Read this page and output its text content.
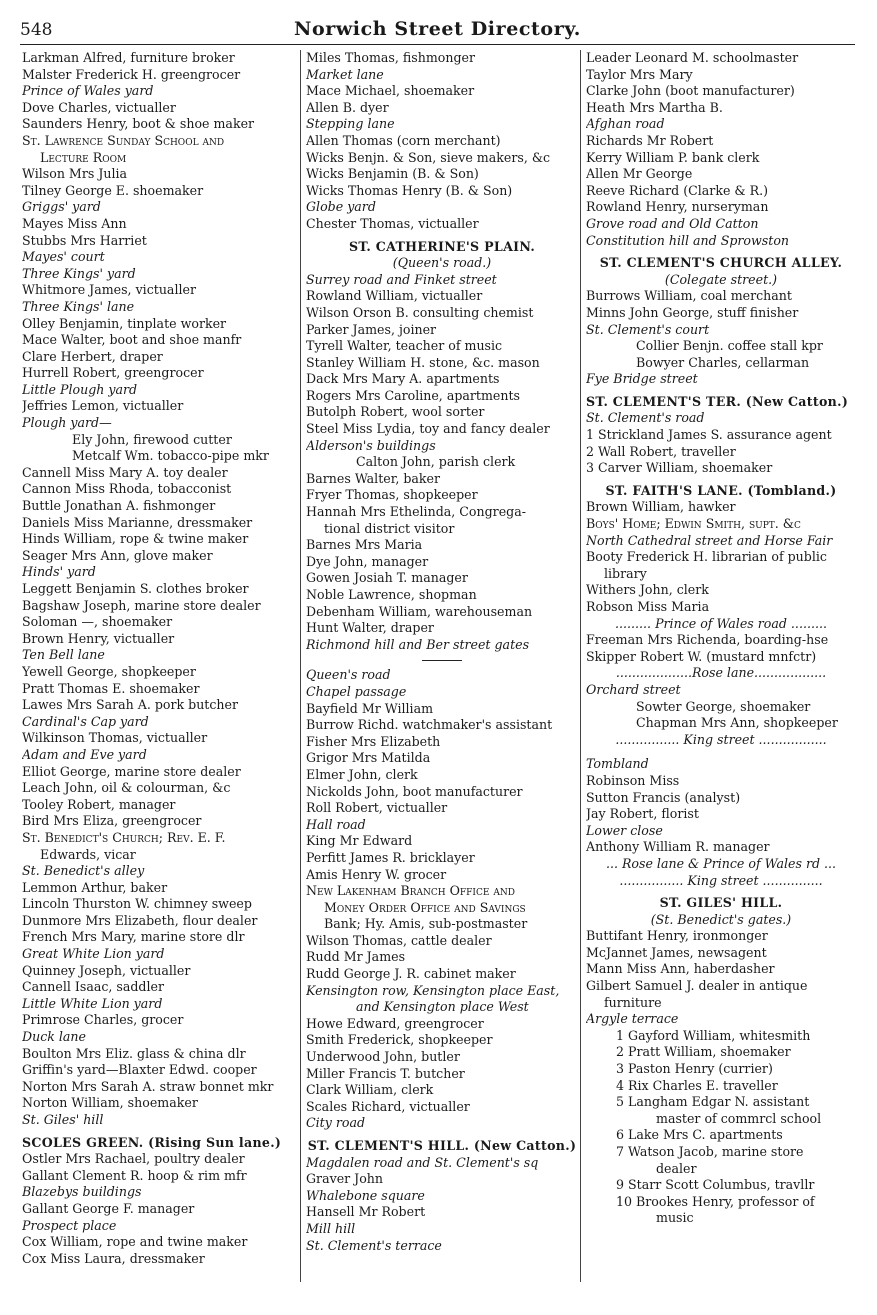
548	Norwich Street Directory.
Larkman Alfred, furniture broker
Malster Frederick H. greengrocer
Prince of Wales yard
Dove Charles, victualler
Saunders Henry, boot & shoe maker
St. Lawrence Sunday School and
Lecture Room
Wilson Mrs Julia
Tilney George E. shoemaker
Griggs' yard
Mayes Miss Ann
Stubbs Mrs Harriet
Mayes' court
Three Kings' yard
Whitmore James, victualler
Three Kings' lane
Olley Benjamin, tinplate worker
Mace Walter, boot and shoe manfr
Clare Herbert, draper
Hurrell Robert, greengrocer
Little Plough yard
Jeffries Lemon, victualler
Plough yard—
Ely John, firewood cutter
Metcalf Wm. tobacco-pipe mkr
Cannell Miss Mary A. toy dealer
Cannon Miss Rhoda, tobacconist
Buttle Jonathan A. fishmonger
Daniels Miss Marianne, dressmaker
Hinds William, rope & twine maker
Seager Mrs Ann, glove maker
Hinds' yard
Leggett Benjamin S. clothes broker
Bagshaw Joseph, marine store dealer
Soloman —, shoemaker
Brown Henry, victualler
Ten Bell lane
Yewell George, shopkeeper
Pratt Thomas E. shoemaker
Lawes Mrs Sarah A. pork butcher
Cardinal's Cap yard
Wilkinson Thomas, victualler
Adam and Eve yard
Elliot George, marine store dealer
Leach John, oil & colourman, &c
Tooley Robert, manager
Bird Mrs Eliza, greengrocer
St. Benedict's Church; Rev. E. F.
Edwards, vicar
St. Benedict's alley
Lemmon Arthur, baker
Lincoln Thurston W. chimney sweep
Dunmore Mrs Elizabeth, flour dealer
French Mrs Mary, marine store dlr
Great White Lion yard
Quinney Joseph, victualler
Cannell Isaac, saddler
Little White Lion yard
Primrose Charles, grocer
Duck lane
Boulton Mrs Eliz. glass & china dlr
Griffin's yard—Blaxter Edwd. cooper
Norton Mrs Sarah A. straw bonnet mkr
Norton William, shoemaker
St. Giles' hill
SCOLES GREEN. (Rising Sun lane.)
Ostler Mrs Rachael, poultry dealer
Gallant Clement R. hoop & rim mfr
Blazebys buildings
Gallant George F. manager
Prospect place
Cox William, rope and twine maker
Cox Miss Laura, dressmaker
Miles Thomas, fishmonger
Market lane
Mace Michael, shoemaker
Allen B. dyer
Stepping lane
Allen Thomas (corn merchant)
Wicks Benjn. & Son, sieve makers, &c
Wicks Benjamin (B. & Son)
Wicks Thomas Henry (B. & Son)
Globe yard
Chester Thomas, victualler
ST. CATHERINE'S PLAIN.
(Queen's road.)
Surrey road and Finket street
Rowland William, victualler
Wilson Orson B. consulting chemist
Parker James, joiner
Tyrell Walter, teacher of music
Stanley William H. stone, &c. mason
Dack Mrs Mary A. apartments
Rogers Mrs Caroline, apartments
Butolph Robert, wool sorter
Steel Miss Lydia, toy and fancy dealer
Alderson's buildings
Calton John, parish clerk
Barnes Walter, baker
Fryer Thomas, shopkeeper
Hannah Mrs Ethelinda, Congrega-
tional district visitor
Barnes Mrs Maria
Dye John, manager
Gowen Josiah T. manager
Noble Lawrence, shopman
Debenham William, warehouseman
Hunt Walter, draper
Richmond hill and Ber street gates
Queen's road
Chapel passage
Bayfield Mr William
Burrow Richd. watchmaker's assistant
Fisher Mrs Elizabeth
Grigor Mrs Matilda
Elmer John, clerk
Nickolds John, boot manufacturer
Roll Robert, victualler
Hall road
King Mr Edward
Perfitt James R. bricklayer
Amis Henry W. grocer
New Lakenham Branch Office and
Money Order Office and Savings
Bank; Hy. Amis, sub-postmaster
Wilson Thomas, cattle dealer
Rudd Mr James
Rudd George J. R. cabinet maker
Kensington row, Kensington place East,
and Kensington place West
Howe Edward, greengrocer
Smith Frederick, shopkeeper
Underwood John, butler
Miller Francis T. butcher
Clark William, clerk
Scales Richard, victualler
City road
ST. CLEMENT'S HILL. (New Catton.)
Magdalen road and St. Clement's sq
Graver John
Whalebone square
Hansell Mr Robert
Mill hill
St. Clement's terrace
Leader Leonard M. schoolmaster
Taylor Mrs Mary
Clarke John (boot manufacturer)
Heath Mrs Martha B.
Afghan road
Richards Mr Robert
Kerry William P. bank clerk
Allen Mr George
Reeve Richard (Clarke & R.)
Rowland Henry, nurseryman
Grove road and Old Catton
Constitution hill and Sprowston
ST. CLEMENT'S CHURCH ALLEY.
(Colegate street.)
Burrows William, coal merchant
Minns John George, stuff finisher
St. Clement's court
Collier Benjn. coffee stall kpr
Bowyer Charles, cellarman
Fye Bridge street
ST. CLEMENT'S TER. (New Catton.)
St. Clement's road
1 Strickland James S. assurance agent
2 Wall Robert, traveller
3 Carver William, shoemaker
ST. FAITH'S LANE. (Tombland.)
Brown William, hawker
Boys' Home; Edwin Smith, supt. &c
North Cathedral street and Horse Fair
Booty Frederick H. librarian of public
library
Withers John, clerk
Robson Miss Maria
......... Prince of Wales road .........
Freeman Mrs Richenda, boarding-hse
Skipper Robert W. (mustard mnfctr)
...................Rose lane..................
Orchard street
Sowter George, shoemaker
Chapman Mrs Ann, shopkeeper
................ King street .................
Tombland
Robinson Miss
Sutton Francis (analyst)
Jay Robert, florist
Lower close
Anthony William R. manager
... Rose lane & Prince of Wales rd ...
................ King street ...............
ST. GILES' HILL.
(St. Benedict's gates.)
Buttifant Henry, ironmonger
McJannet James, newsagent
Mann Miss Ann, haberdasher
Gilbert Samuel J. dealer in antique
furniture
Argyle terrace
1 Gayford William, whitesmith
2 Pratt William, shoemaker
3 Paston Henry (currier)
4 Rix Charles E. traveller
5 Langham Edgar N. assistant
master of commrcl school
6 Lake Mrs C. apartments
7 Watson Jacob, marine store
dealer
9 Starr Scott Columbus, travllr
10 Brookes Henry, professor of
music
